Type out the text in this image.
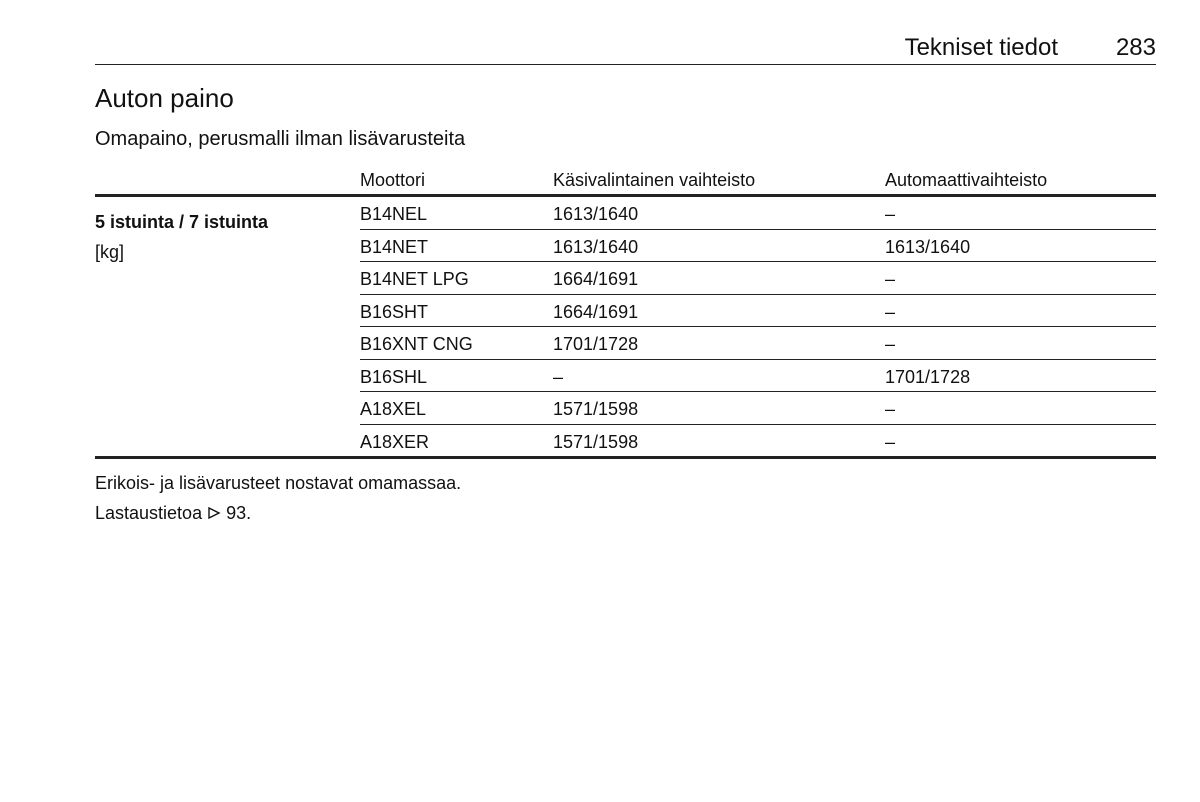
Tekniset tiedot 283
Auton paino
Omapaino, perusmalli ilman lisävarusteita
Moottori	Käsivalintainen vaihteisto	Automaattivaihteisto
5 istuinta / 7 istuinta
[kg]
B14NEL	1613/1640	–
B14NET	1613/1640	1613/1640
B14NET LPG	1664/1691	–
B16SHT	1664/1691	–
B16XNT CNG	1701/1728	–
B16SHL	–	1701/1728
A18XEL	1571/1598	–
A18XER	1571/1598	–
Erikois- ja lisävarusteet nostavat omamassaa.
Lastaustietoa 93.
